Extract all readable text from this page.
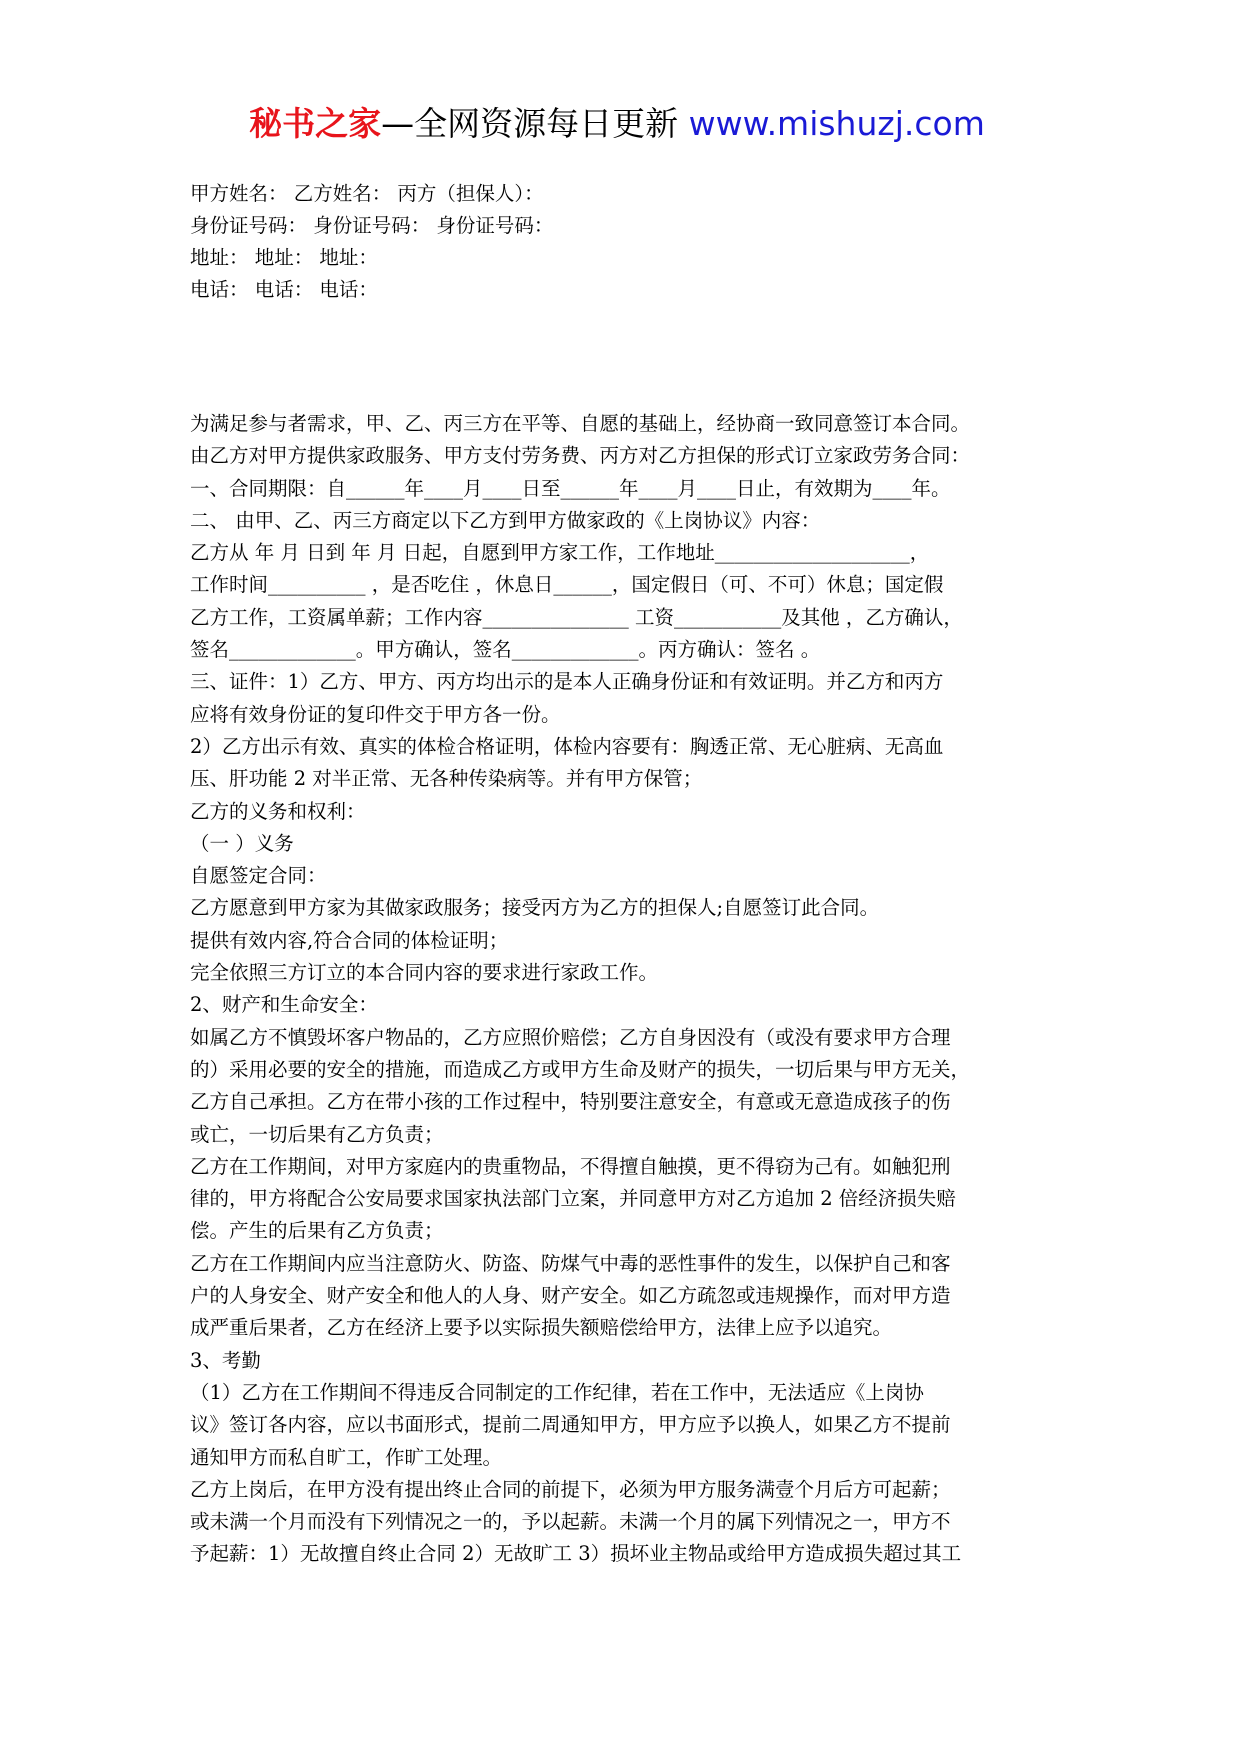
秘书之家—全网资源每日更新 www.mishuzj.com
甲方姓名： 乙方姓名： 丙方（担保人）：
身份证号码： 身份证号码： 身份证号码：
地址： 地址： 地址：
电话： 电话： 电话：
为满足参与者需求，甲、乙、丙三方在平等、自愿的基础上，经协商一致同意签订本合同。
由乙方对甲方提供家政服务、甲方支付劳务费、丙方对乙方担保的形式订立家政劳务合同：
一、合同期限：自______年____月____日至______年____月____日止，有效期为____年。
二、 由甲、乙、丙三方商定以下乙方到甲方做家政的《上岗协议》内容：
乙方从 年 月 日到 年 月 日起，自愿到甲方家工作，工作地址____________________，
工作时间__________ ，是否吃住 ，休息日______，国定假日（可、不可）休息；国定假
乙方工作，工资属单薪；工作内容_______________ 工资___________及其他 ，乙方确认，
签名_____________。甲方确认，签名_____________。丙方确认：签名 。
三、证件：1）乙方、甲方、丙方均出示的是本人正确身份证和有效证明。并乙方和丙方
应将有效身份证的复印件交于甲方各一份。
2）乙方出示有效、真实的体检合格证明，体检内容要有：胸透正常、无心脏病、无高血
压、肝功能 2 对半正常、无各种传染病等。并有甲方保管；
乙方的义务和权利：
（一 ）义务
自愿签定合同：
乙方愿意到甲方家为其做家政服务；接受丙方为乙方的担保人;自愿签订此合同。
提供有效内容,符合合同的体检证明；
完全依照三方订立的本合同内容的要求进行家政工作。
2、财产和生命安全：
如属乙方不慎毁坏客户物品的，乙方应照价赔偿；乙方自身因没有（或没有要求甲方合理
的）采用必要的安全的措施，而造成乙方或甲方生命及财产的损失，一切后果与甲方无关，
乙方自己承担。乙方在带小孩的工作过程中，特别要注意安全，有意或无意造成孩子的伤
或亡，一切后果有乙方负责；
乙方在工作期间，对甲方家庭内的贵重物品，不得擅自触摸，更不得窃为己有。如触犯刑
律的，甲方将配合公安局要求国家执法部门立案，并同意甲方对乙方追加 2 倍经济损失赔
偿。产生的后果有乙方负责；
乙方在工作期间内应当注意防火、防盗、防煤气中毒的恶性事件的发生，以保护自己和客
户的人身安全、财产安全和他人的人身、财产安全。如乙方疏忽或违规操作，而对甲方造
成严重后果者，乙方在经济上要予以实际损失额赔偿给甲方，法律上应予以追究。
3、考勤
（1）乙方在工作期间不得违反合同制定的工作纪律，若在工作中，无法适应《上岗协
议》签订各内容，应以书面形式，提前二周通知甲方，甲方应予以换人，如果乙方不提前
通知甲方而私自旷工，作旷工处理。
乙方上岗后，在甲方没有提出终止合同的前提下，必须为甲方服务满壹个月后方可起薪；
或未满一个月而没有下列情况之一的，予以起薪。未满一个月的属下列情况之一，甲方不
予起薪：1）无故擅自终止合同 2）无故旷工 3）损坏业主物品或给甲方造成损失超过其工
